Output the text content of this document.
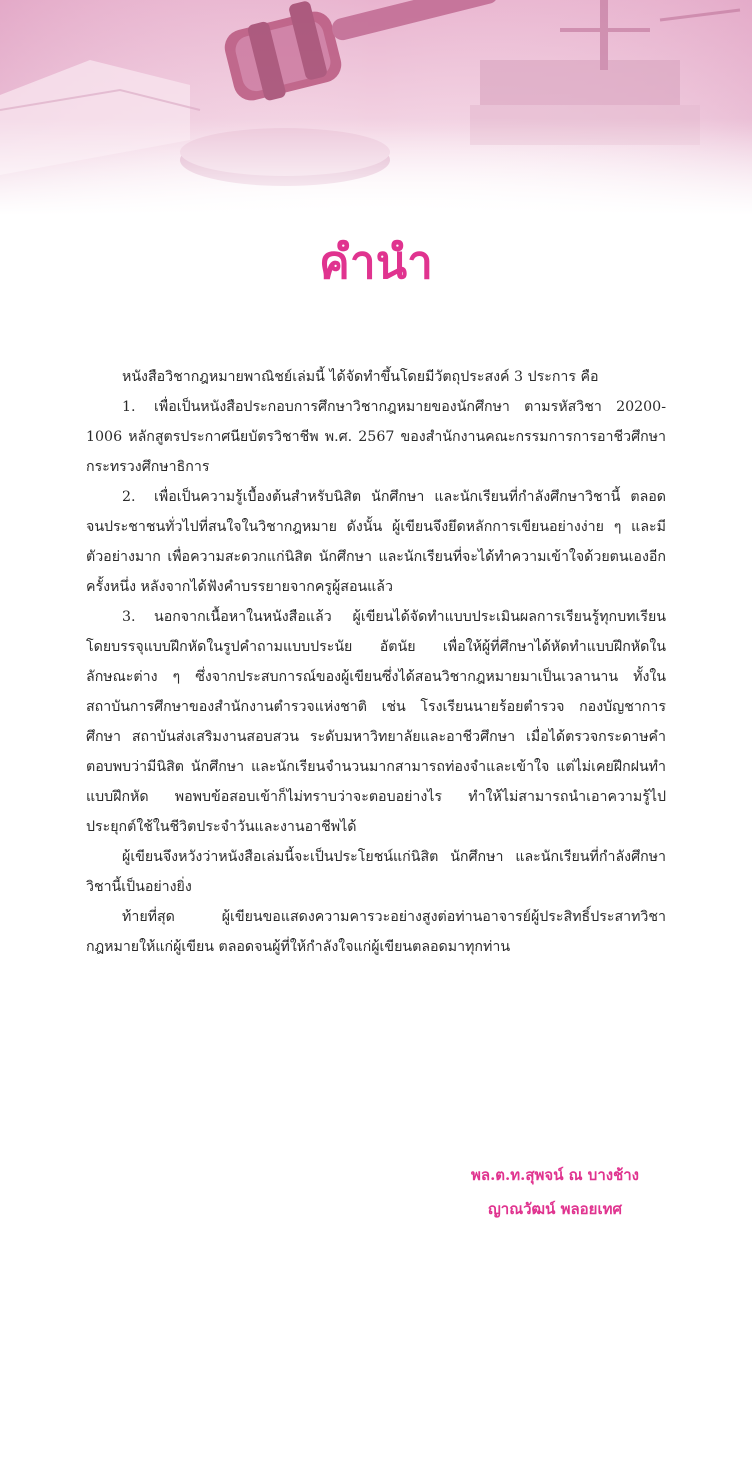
คำนำ

หนังสือวิชากฎหมายพาณิชย์เล่มนี้ ได้จัดทำขึ้นโดยมีวัตถุประสงค์ 3 ประการ คือ

1. เพื่อเป็นหนังสือประกอบการศึกษาวิชากฎหมายของนักศึกษา ตามรหัสวิชา 20200-1006 หลักสูตรประกาศนียบัตรวิชาชีพ พ.ศ. 2567 ของสำนักงานคณะกรรมการการอาชีวศึกษา กระทรวงศึกษาธิการ

2. เพื่อเป็นความรู้เบื้องต้นสำหรับนิสิต นักศึกษา และนักเรียนที่กำลังศึกษาวิชานี้ ตลอดจนประชาชนทั่วไปที่สนใจในวิชากฎหมาย ดังนั้น ผู้เขียนจึงยึดหลักการเขียนอย่างง่าย ๆ และมีตัวอย่างมาก เพื่อความสะดวกแก่นิสิต นักศึกษา และนักเรียนที่จะได้ทำความเข้าใจด้วยตนเองอีกครั้งหนึ่ง หลังจากได้ฟังคำบรรยายจากครูผู้สอนแล้ว

3. นอกจากเนื้อหาในหนังสือแล้ว ผู้เขียนได้จัดทำแบบประเมินผลการเรียนรู้ทุกบทเรียน โดยบรรจุแบบฝึกหัดในรูปคำถามแบบประนัย อัตนัย เพื่อให้ผู้ที่ศึกษาได้หัดทำแบบฝึกหัดในลักษณะต่าง ๆ ซึ่งจากประสบการณ์ของผู้เขียนซึ่งได้สอนวิชากฎหมายมาเป็นเวลานาน ทั้งในสถาบันการศึกษาของสำนักงานตำรวจแห่งชาติ เช่น โรงเรียนนายร้อยตำรวจ กองบัญชาการศึกษา สถาบันส่งเสริมงานสอบสวน ระดับมหาวิทยาลัยและอาชีวศึกษา เมื่อได้ตรวจกระดาษคำตอบพบว่ามีนิสิต นักศึกษา และนักเรียนจำนวนมากสามารถท่องจำและเข้าใจ แต่ไม่เคยฝึกฝนทำแบบฝึกหัด พอพบข้อสอบเข้าก็ไม่ทราบว่าจะตอบอย่างไร ทำให้ไม่สามารถนำเอาความรู้ไปประยุกต์ใช้ในชีวิตประจำวันและงานอาชีพได้

ผู้เขียนจึงหวังว่าหนังสือเล่มนี้จะเป็นประโยชน์แก่นิสิต นักศึกษา และนักเรียนที่กำลังศึกษาวิชานี้เป็นอย่างยิ่ง

ท้ายที่สุด ผู้เขียนขอแสดงความคารวะอย่างสูงต่อท่านอาจารย์ผู้ประสิทธิ์ประสาทวิชากฎหมายให้แก่ผู้เขียน ตลอดจนผู้ที่ให้กำลังใจแก่ผู้เขียนตลอดมาทุกท่าน

พล.ต.ท.สุพจน์ ณ บางช้าง
ญาณวัฒน์ พลอยเทศ
